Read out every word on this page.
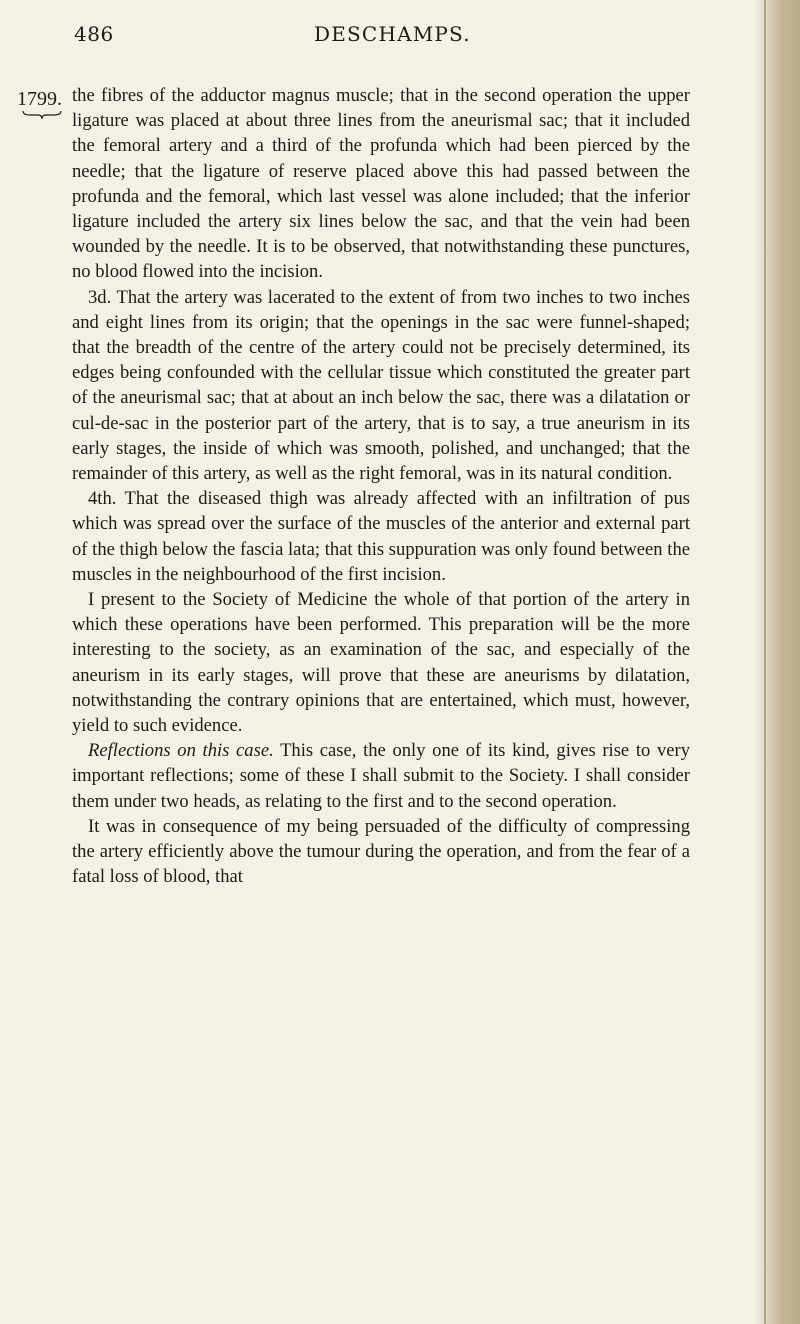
486	DESCHAMPS.
1799. the fibres of the adductor magnus muscle; that in the second operation the upper ligature was placed at about three lines from the aneurismal sac; that it included the femoral artery and a third of the profunda which had been pierced by the needle; that the ligature of reserve placed above this had passed between the profunda and the femoral, which last vessel was alone included; that the inferior ligature included the artery six lines below the sac, and that the vein had been wounded by the needle. It is to be observed, that notwithstanding these punctures, no blood flowed into the incision.

3d. That the artery was lacerated to the extent of from two inches to two inches and eight lines from its origin; that the openings in the sac were funnel-shaped; that the breadth of the centre of the artery could not be precisely determined, its edges being confounded with the cellular tissue which constituted the greater part of the aneurismal sac; that at about an inch below the sac, there was a dilatation or cul-de-sac in the posterior part of the artery, that is to say, a true aneurism in its early stages, the inside of which was smooth, polished, and unchanged; that the remainder of this artery, as well as the right femoral, was in its natural condition.

4th. That the diseased thigh was already affected with an infiltration of pus which was spread over the surface of the muscles of the anterior and external part of the thigh below the fascia lata; that this suppuration was only found between the muscles in the neighbourhood of the first incision.

I present to the Society of Medicine the whole of that portion of the artery in which these operations have been performed. This preparation will be the more interesting to the society, as an examination of the sac, and especially of the aneurism in its early stages, will prove that these are aneurisms by dilatation, notwithstanding the contrary opinions that are entertained, which must, however, yield to such evidence.

Reflections on this case. This case, the only one of its kind, gives rise to very important reflections; some of these I shall submit to the Society. I shall consider them under two heads, as relating to the first and to the second operation.

It was in consequence of my being persuaded of the difficulty of compressing the artery efficiently above the tumour during the operation, and from the fear of a fatal loss of blood, that
